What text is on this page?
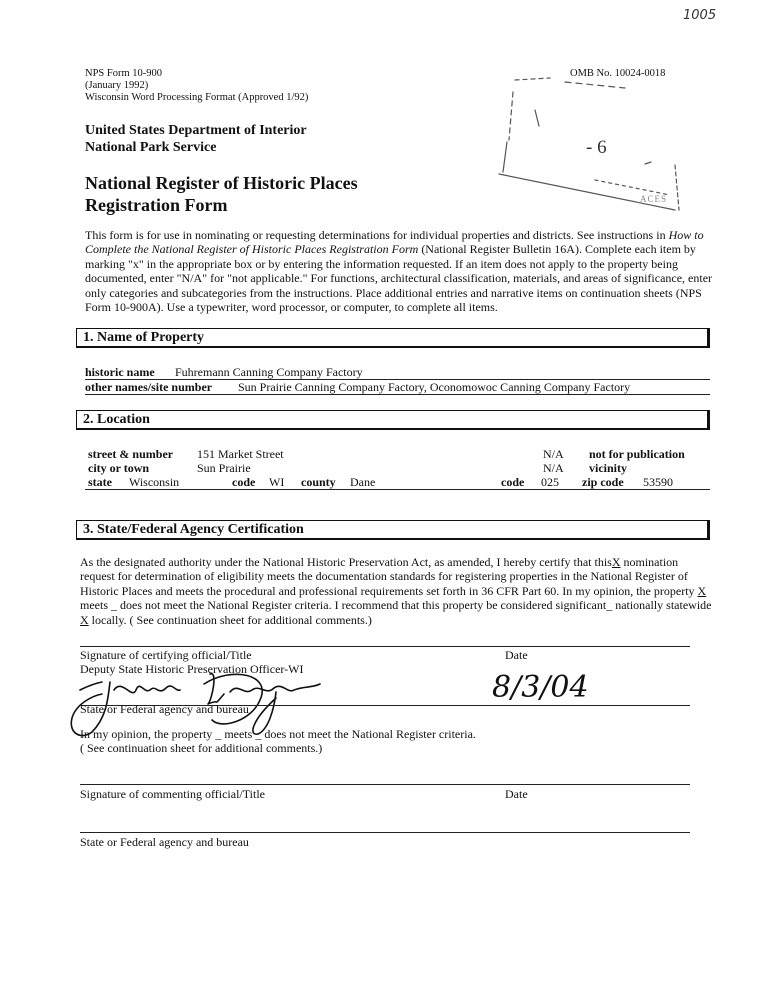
1005
NPS Form 10-900
(January 1992)
Wisconsin Word Processing Format (Approved 1/92)
OMB No. 10024-0018
United States Department of Interior
National Park Service
National Register of Historic Places
Registration Form
- 6
ACES
This form is for use in nominating or requesting determinations for individual properties and districts. See instructions in How to Complete the National Register of Historic Places Registration Form (National Register Bulletin 16A). Complete each item by marking "x" in the appropriate box or by entering the information requested. If an item does not apply to the property being documented, enter "N/A" for "not applicable." For functions, architectural classification, materials, and areas of significance, enter only categories and subcategories from the instructions. Place additional entries and narrative items on continuation sheets (NPS Form 10-900A). Use a typewriter, word processor, or computer, to complete all items.
1. Name of Property
historic name Fuhremann Canning Company Factory
other names/site number Sun Prairie Canning Company Factory, Oconomowoc Canning Company Factory
2. Location
street & number 151 Market Street	N/A not for publication
city or town	Sun Prairie	N/A vicinity
state Wisconsin	code WI county Dane	code 025 zip code 53590
3. State/Federal Agency Certification
As the designated authority under the National Historic Preservation Act, as amended, I hereby certify that thisX nomination request for determination of eligibility meets the documentation standards for registering properties in the National Register of Historic Places and meets the procedural and professional requirements set forth in 36 CFR Part 60. In my opinion, the property X meets _ does not meet the National Register criteria. I recommend that this property be considered significant_ nationally statewide X locally. ( See continuation sheet for additional comments.)
Signature of certifying official/Title	Date
Deputy State Historic Preservation Officer-WI
8/3/04
State or Federal agency and bureau
In my opinion, the property _ meets _ does not meet the National Register criteria.
( See continuation sheet for additional comments.)
Signature of commenting official/Title	Date
State or Federal agency and bureau
